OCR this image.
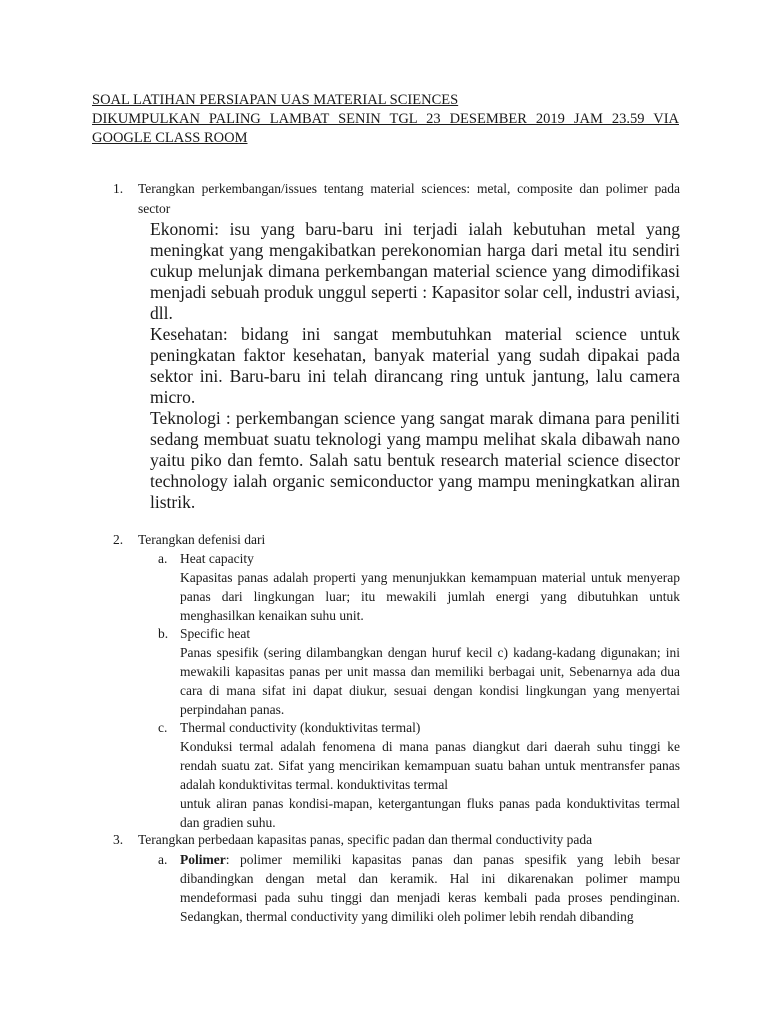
SOAL LATIHAN PERSIAPAN UAS MATERIAL SCIENCES
DIKUMPULKAN PALING LAMBAT SENIN TGL 23 DESEMBER 2019 JAM 23.59 VIA
GOOGLE CLASS ROOM
1. Terangkan perkembangan/issues tentang material sciences: metal, composite dan polimer pada sector

Ekonomi: isu yang baru-baru ini terjadi ialah kebutuhan metal yang meningkat yang mengakibatkan perekonomian harga dari metal itu sendiri cukup melunjak dimana perkembangan material science yang dimodifikasi menjadi sebuah produk unggul seperti : Kapasitor solar cell, industri aviasi, dll.

Kesehatan: bidang ini sangat membutuhkan material science untuk peningkatan faktor kesehatan, banyak material yang sudah dipakai pada sektor ini. Baru-baru ini telah dirancang ring untuk jantung, lalu camera micro.

Teknologi : perkembangan science yang sangat marak dimana para peniliti sedang membuat suatu teknologi yang mampu melihat skala dibawah nano yaitu piko dan femto. Salah satu bentuk research material science disector technology ialah organic semiconductor yang mampu meningkatkan aliran listrik.

2. Terangkan defenisi dari
a. Heat capacity
Kapasitas panas adalah properti yang menunjukkan kemampuan material untuk menyerap panas dari lingkungan luar; itu mewakili jumlah energi yang dibutuhkan untuk menghasilkan kenaikan suhu unit.
b. Specific heat
Panas spesifik (sering dilambangkan dengan huruf kecil c) kadang-kadang digunakan; ini mewakili kapasitas panas per unit massa dan memiliki berbagai unit, Sebenarnya ada dua cara di mana sifat ini dapat diukur, sesuai dengan kondisi lingkungan yang menyertai perpindahan panas.
c. Thermal conductivity (konduktivitas termal)

Konduksi termal adalah fenomena di mana panas diangkut dari daerah suhu tinggi ke rendah suatu zat. Sifat yang mencirikan kemampuan suatu bahan untuk mentransfer panas adalah konduktivitas termal. konduktivitas termal

untuk aliran panas kondisi-mapan, ketergantungan fluks panas pada konduktivitas termal dan gradien suhu.

3. Terangkan perbedaan kapasitas panas, specific padan dan thermal conductivity pada
a. Polimer: polimer memiliki kapasitas panas dan panas spesifik yang lebih besar dibandingkan dengan metal dan keramik. Hal ini dikarenakan polimer mampu mendeformasi pada suhu tinggi dan menjadi keras kembali pada proses pendinginan. Sedangkan, thermal conductivity yang dimiliki oleh polimer lebih rendah dibanding
